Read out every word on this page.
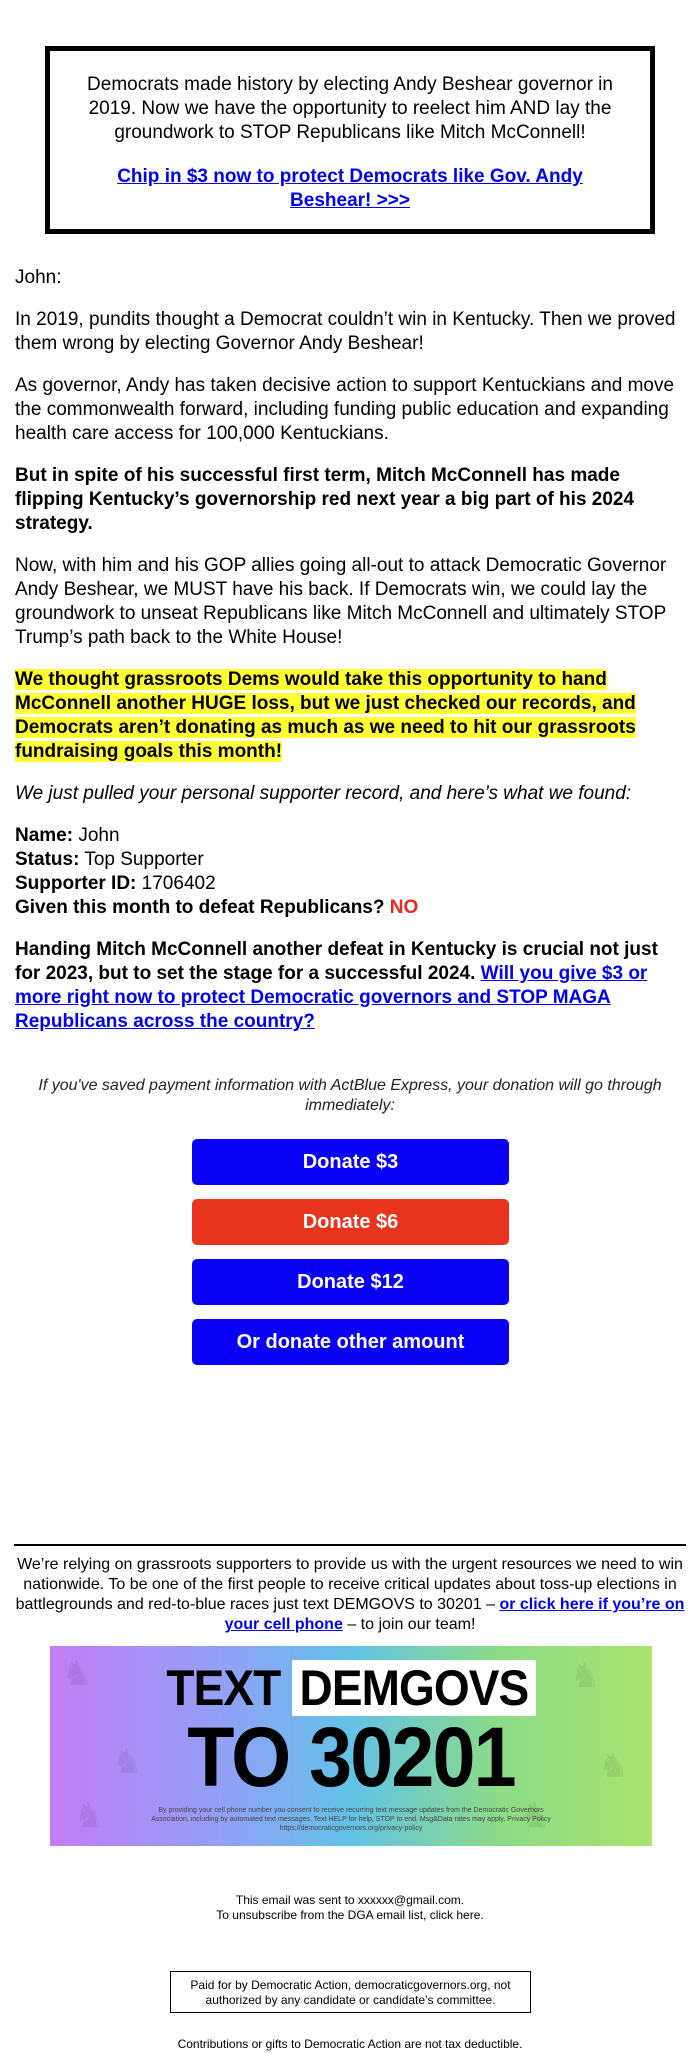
Democrats made history by electing Andy Beshear governor in 2019. Now we have the opportunity to reelect him AND lay the groundwork to STOP Republicans like Mitch McConnell!

Chip in $3 now to protect Democrats like Gov. Andy Beshear! >>>

John:

In 2019, pundits thought a Democrat couldn’t win in Kentucky. Then we proved them wrong by electing Governor Andy Beshear!

As governor, Andy has taken decisive action to support Kentuckians and move the commonwealth forward, including funding public education and expanding health care access for 100,000 Kentuckians.

But in spite of his successful first term, Mitch McConnell has made flipping Kentucky’s governorship red next year a big part of his 2024 strategy.

Now, with him and his GOP allies going all-out to attack Democratic Governor Andy Beshear, we MUST have his back. If Democrats win, we could lay the groundwork to unseat Republicans like Mitch McConnell and ultimately STOP Trump’s path back to the White House!

We thought grassroots Dems would take this opportunity to hand McConnell another HUGE loss, but we just checked our records, and Democrats aren’t donating as much as we need to hit our grassroots fundraising goals this month!

We just pulled your personal supporter record, and here’s what we found:

Name: John

Status: Top Supporter

Supporter ID: 1706402

Given this month to defeat Republicans? NO

Handing Mitch McConnell another defeat in Kentucky is crucial not just for 2023, but to set the stage for a successful 2024. Will you give $3 or more right now to protect Democratic governors and STOP MAGA Republicans across the country?

If you've saved payment information with ActBlue Express, your donation will go through immediately:

Donate $3
Donate $6
Donate $12
Or donate other amount

We’re relying on grassroots supporters to provide us with the urgent resources we need to win nationwide. To be one of the first people to receive critical updates about toss-up elections in battlegrounds and red-to-blue races just text DEMGOVS to 30201 – or click here if you’re on your cell phone – to join our team!

♞
♞
♞
♞
♞
♞
TEXT DEMGOVS
TO 30201

By providing your cell phone number you consent to receive recurring text message updates from the Democratic Governors Association, including by automated text messages. Text HELP for help, STOP to end. Msg&Data rates may apply. Privacy Policy https://democraticgovernors.org/privacy-policy

This email was sent to xxxxxx@gmail.com.

To unsubscribe from the DGA email list, click here.

Paid for by Democratic Action, democraticgovernors.org, not authorized by any candidate or candidate’s committee.

Contributions or gifts to Democratic Action are not tax deductible.
